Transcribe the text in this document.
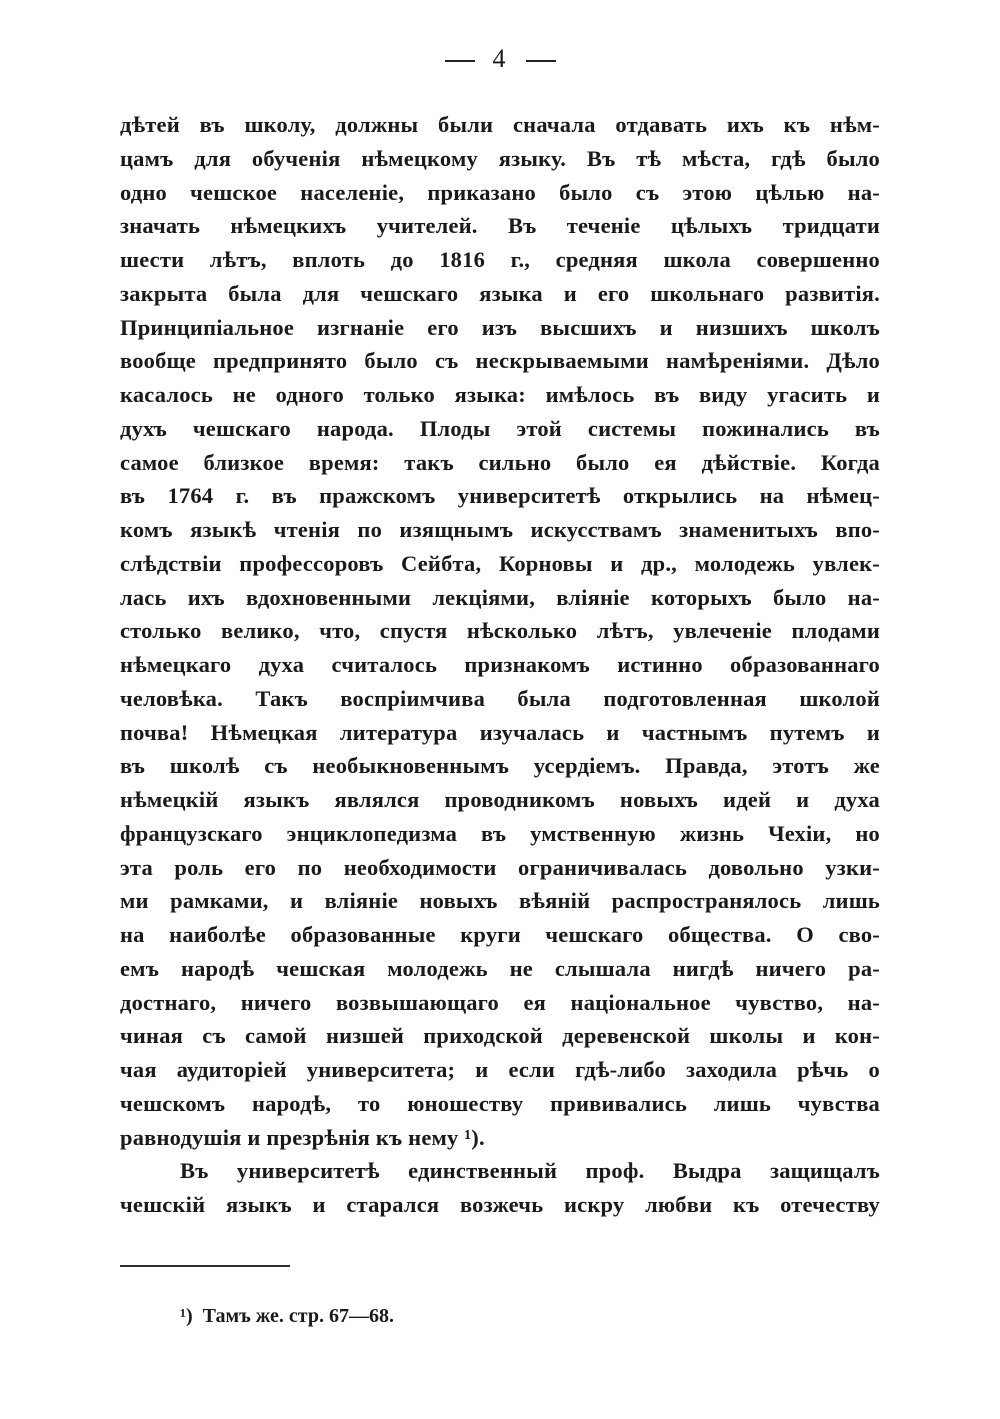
4
дѣтей въ школу, должны были сначала отдавать ихъ къ нѣм-
цамъ для обученія нѣмецкому языку. Въ тѣ мѣста, гдѣ было
одно чешское населеніе, приказано было съ этою цѣлью на-
значать нѣмецкихъ учителей. Въ теченіе цѣлыхъ тридцати
шести лѣтъ, вплоть до 1816 г., средняя школа совершенно
закрыта была для чешскаго языка и его школьнаго развитія.
Принципіальное изгнаніе его изъ высшихъ и низшихъ школъ
вообще предпринято было съ нескрываемыми намѣреніями. Дѣло
касалось не одного только языка: имѣлось въ виду угасить и
духъ чешскаго народа. Плоды этой системы пожинались въ
самое близкое время: такъ сильно было ея дѣйствіе. Когда
въ 1764 г. въ пражскомъ университетѣ открылись на нѣмец-
комъ языкѣ чтенія по изящнымъ искусствамъ знаменитыхъ впо-
слѣдствіи профессоровъ Сейбта, Корновы и др., молодежь увлек-
лась ихъ вдохновенными лекціями, вліяніе которыхъ было на-
столько велико, что, спустя нѣсколько лѣтъ, увлеченіе плодами
нѣмецкаго духа считалось признакомъ истинно образованнаго
человѣка. Такъ воспріимчива была подготовленная школой
почва! Нѣмецкая литература изучалась и частнымъ путемъ и
въ школѣ съ необыкновеннымъ усердіемъ. Правда, этотъ же
нѣмецкій языкъ являлся проводникомъ новыхъ идей и духа
французскаго энциклопедизма въ умственную жизнь Чехіи, но
эта роль его по необходимости ограничивалась довольно узки-
ми рамками, и вліяніе новыхъ вѣяній распространялось лишь
на наиболѣе образованные круги чешскаго общества. О сво-
емъ народѣ чешская молодежь не слышала нигдѣ ничего ра-
достнаго, ничего возвышающаго ея національное чувство, на-
чиная съ самой низшей приходской деревенской школы и кон-
чая аудиторіей университета; и если гдѣ-либо заходила рѣчь о
чешскомъ народѣ, то юношеству прививались лишь чувства
равнодушія и презрѣнія къ нему ¹).
Въ университетѣ единственный проф. Выдра защищалъ
чешскій языкъ и старался возжечь искру любви къ отечеству
¹) Тамъ же. стр. 67—68.
